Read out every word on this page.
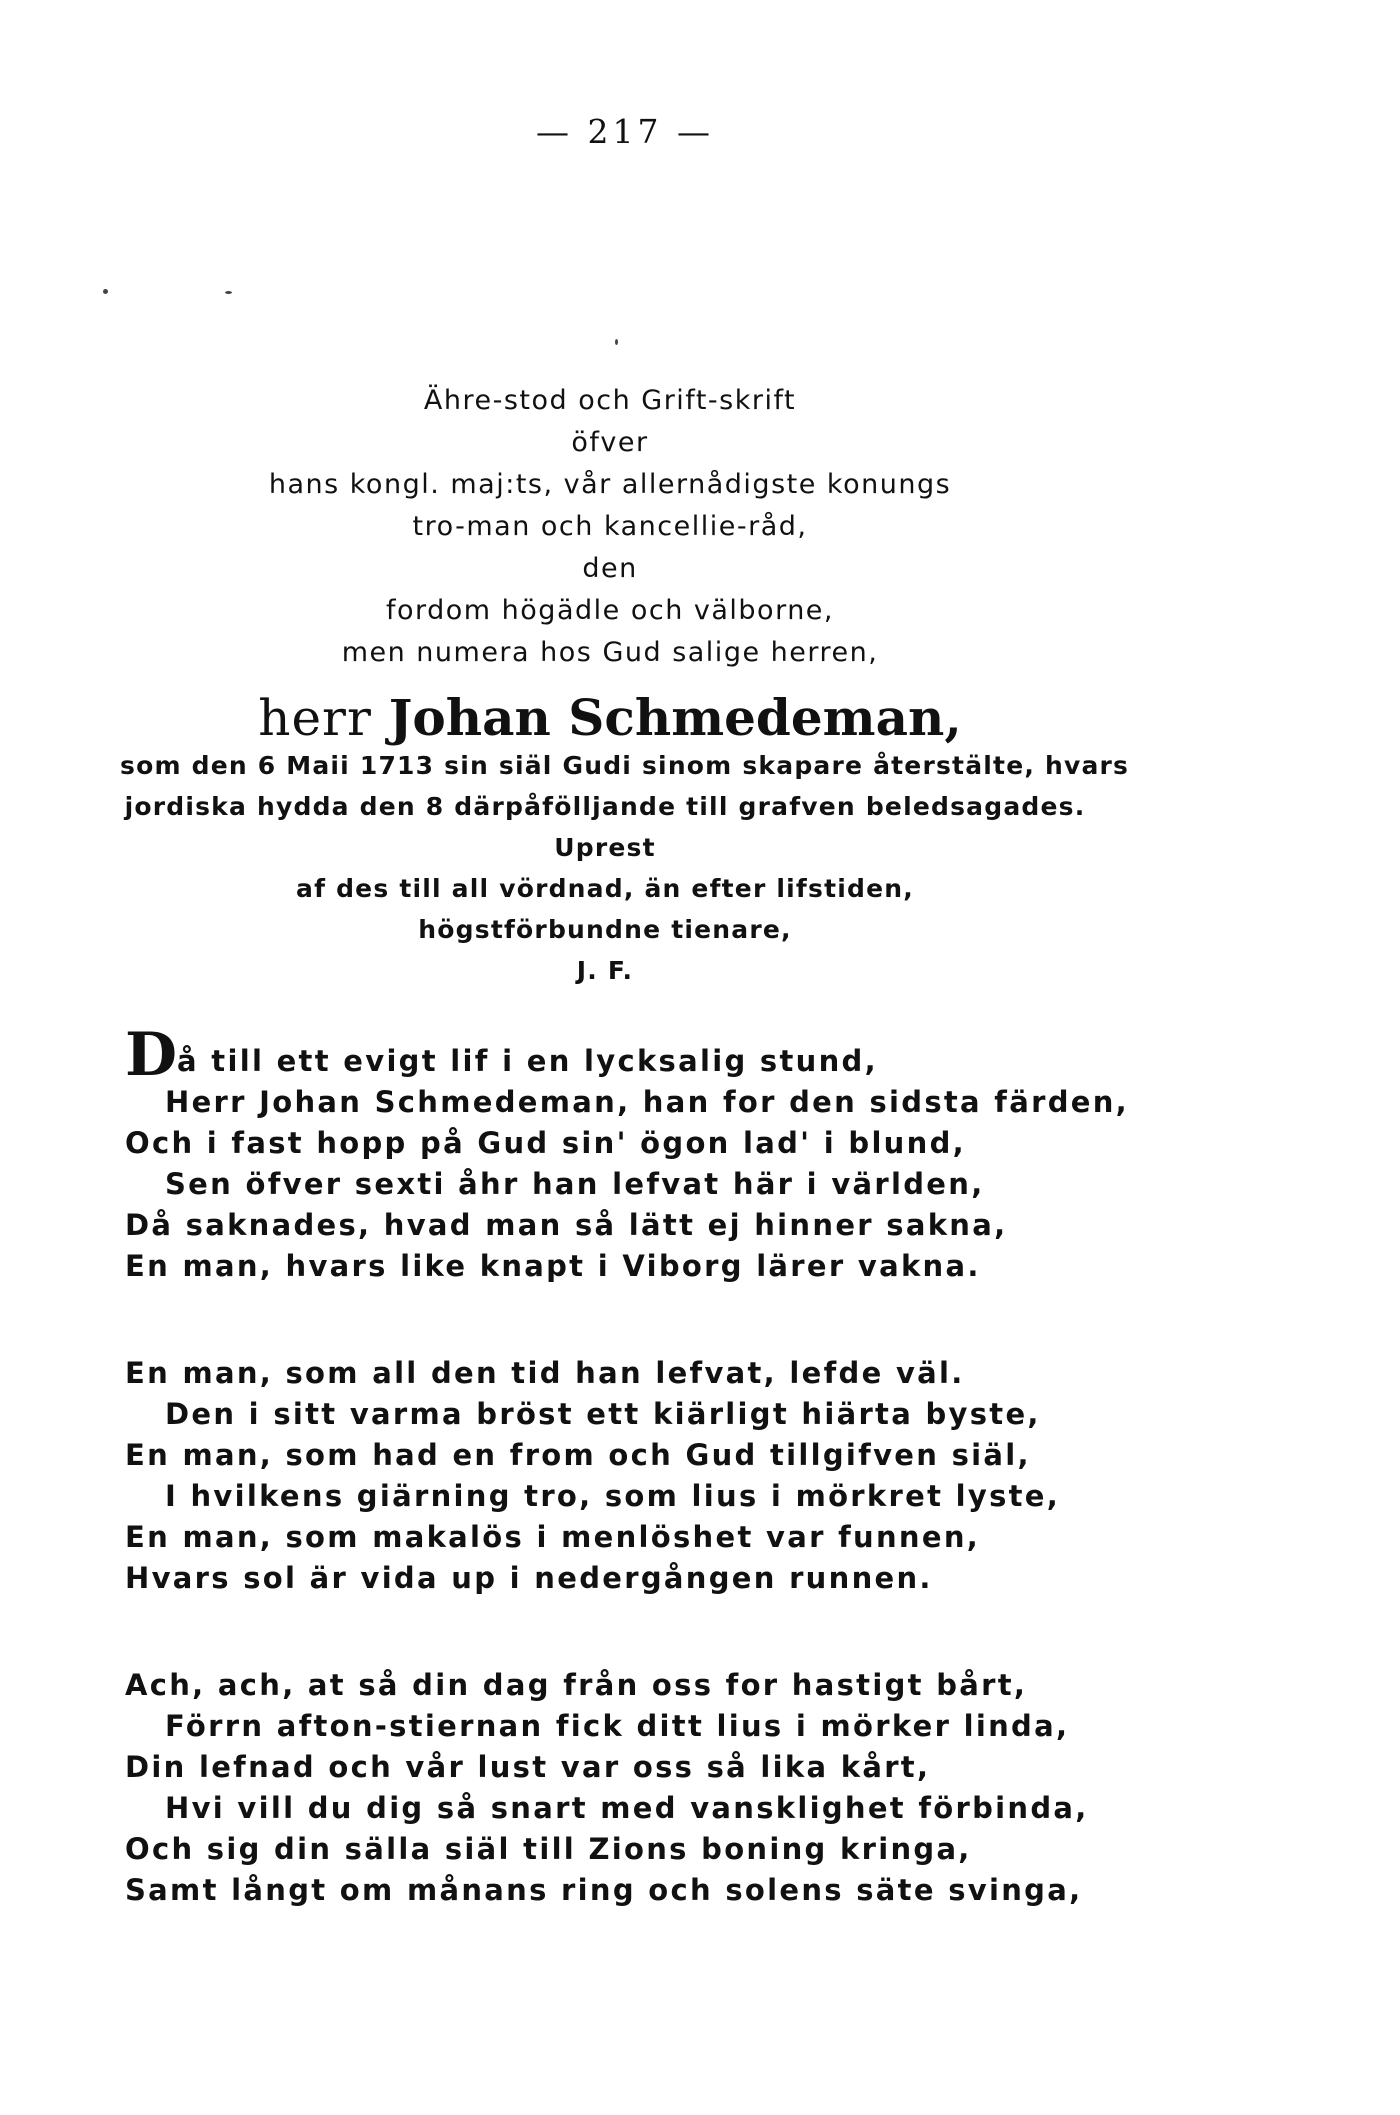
— 217 —
Ähre-stod och Grift-skrift
öfver
hans kongl. maj:ts, vår allernådigste konungs
tro-man och kancellie-råd,
den
fordom högädle och välborne,
men numera hos Gud salige herren,
herr Johan Schmedeman,
som den 6 Maii 1713 sin siäl Gudi sinom skapare återstälte, hvars
jordiska hydda den 8 därpåfölljande till grafven beledsagades.
Uprest
af des till all vördnad, än efter lifstiden,
högstförbundne tienare,
J. F.
Då till ett evigt lif i en lycksalig stund,
Herr Johan Schmedeman, han for den sidsta färden,
Och i fast hopp på Gud sin' ögon lad' i blund,
Sen öfver sexti åhr han lefvat här i världen,
Då saknades, hvad man så lätt ej hinner sakna,
En man, hvars like knapt i Viborg lärer vakna.
En man, som all den tid han lefvat, lefde väl.
Den i sitt varma bröst ett kiärligt hiärta byste,
En man, som had en from och Gud tillgifven siäl,
I hvilkens giärning tro, som lius i mörkret lyste,
En man, som makalös i menlöshet var funnen,
Hvars sol är vida up i nedergången runnen.
Ach, ach, at så din dag från oss for hastigt bårt,
Förrn afton-stiernan fick ditt lius i mörker linda,
Din lefnad och vår lust var oss så lika kårt,
Hvi vill du dig så snart med vansklighet förbinda,
Och sig din sälla siäl till Zions boning kringa,
Samt långt om månans ring och solens säte svinga,
